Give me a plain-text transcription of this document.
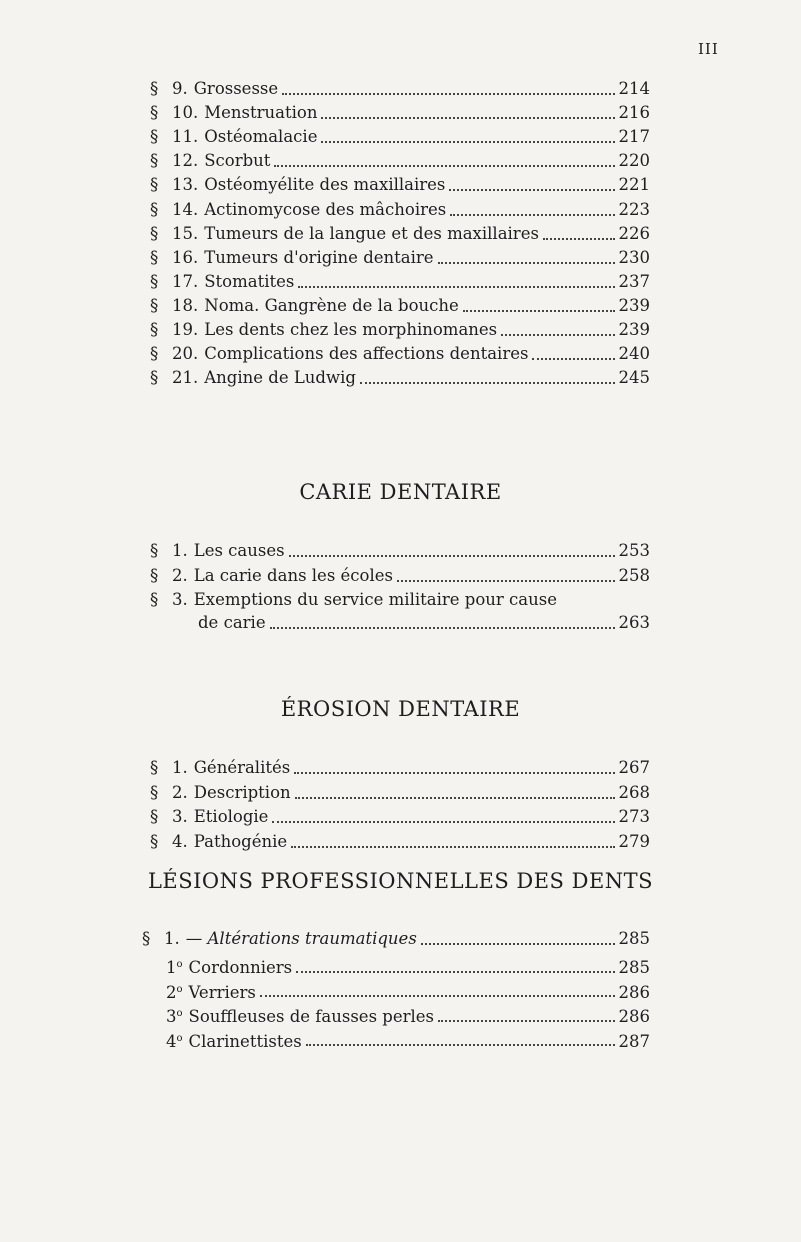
III
§ 9. Grossesse	214
§ 10. Menstruation	216
§ 11. Ostéomalacie	217
§ 12. Scorbut	220
§ 13. Ostéomyélite des maxillaires	221
§ 14. Actinomycose des mâchoires	223
§ 15. Tumeurs de la langue et des maxillaires	226
§ 16. Tumeurs d'origine dentaire	230
§ 17. Stomatites	237
§ 18. Noma. Gangrène de la bouche	239
§ 19. Les dents chez les morphinomanes	239
§ 20. Complications des affections dentaires	240
§ 21. Angine de Ludwig	245
CARIE DENTAIRE
§ 1. Les causes	253
§ 2. La carie dans les écoles	258
§ 3. Exemptions du service militaire pour cause
de carie	263
ÉROSION DENTAIRE
§ 1. Généralités	267
§ 2. Description	268
§ 3. Etiologie	273
§ 4. Pathogénie	279
LÉSIONS PROFESSIONNELLES DES DENTS
§ 1. — Altérations traumatiques	285
1$^o$ Cordonniers	285
2$^o$ Verriers	286
3$^o$ Souffleuses de fausses perles	286
4$^o$ Clarinettistes	287
